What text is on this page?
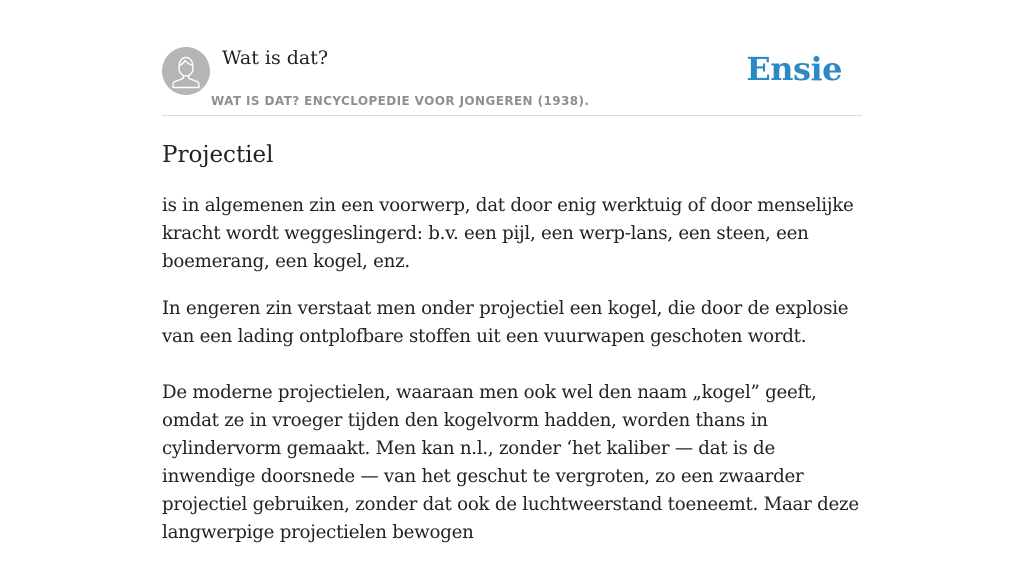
Wat is dat?
WAT IS DAT? ENCYCLOPEDIE VOOR JONGEREN (1938).
Ensie
Projectiel

is in algemenen zin een voorwerp, dat door enig werktuig of door menselijke kracht wordt weggeslingerd: b.v. een pijl, een werp-lans, een steen, een boemerang, een kogel, enz.

In engeren zin verstaat men onder projectiel een kogel, die door de explosie van een lading ontplofbare stoffen uit een vuurwapen geschoten wordt.

De moderne projectielen, waaraan men ook wel den naam „kogel” geeft, omdat ze in vroeger tijden den kogelvorm hadden, worden thans in cylindervorm gemaakt. Men kan n.l., zonder ‘het kaliber — dat is de inwendige doorsnede — van het geschut te vergroten, zo een zwaarder projectiel gebruiken, zonder dat ook de luchtweerstand toeneemt. Maar deze langwerpige projectielen bewogen
